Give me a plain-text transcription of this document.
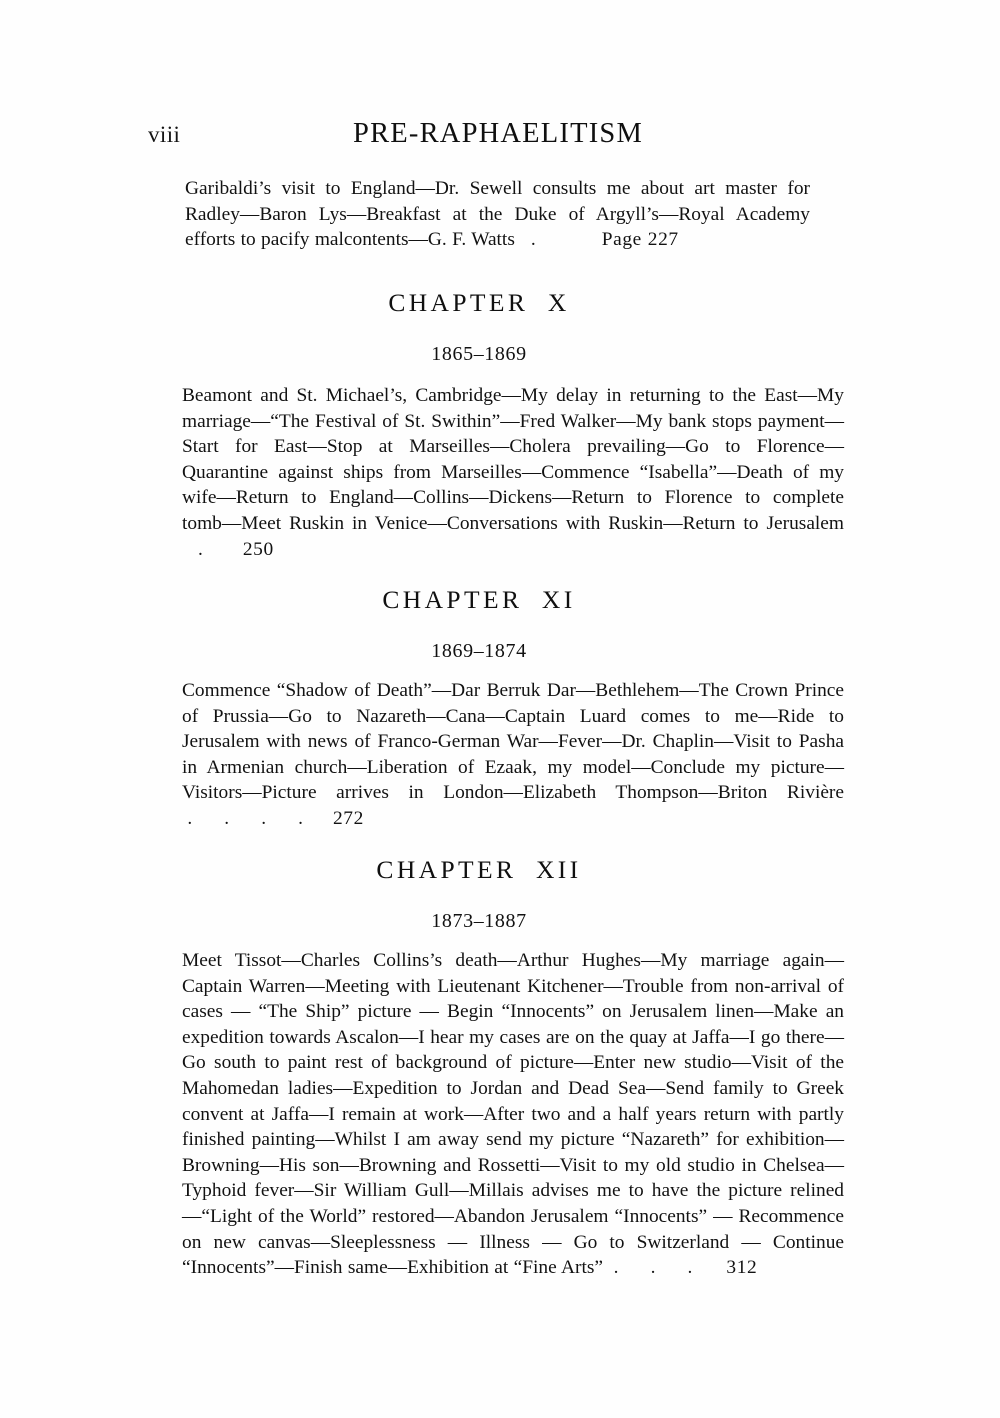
viii	PRE-RAPHAELITISM

Garibaldi’s visit to England—Dr. Sewell consults me about art master for Radley—Baron Lys—Breakfast at the Duke of Argyll’s—Royal Academy efforts to pacify malcontents—G. F. Watts   .	Page 227

CHAPTER  X
1865–1869

Beamont and St. Michael’s, Cambridge—My delay in returning to the East—My marriage—“The Festival of St. Swithin”—Fred Walker—My bank stops payment—Start for East—Stop at Marseilles—Cholera prevailing—Go to Florence—Quarantine against ships from Marseilles—Commence “Isabella”—Death of my wife—Return to England—Collins—Dickens—Return to Florence to complete tomb—Meet Ruskin in Venice—Conversations with Ruskin—Return to Jerusalem   . 250

CHAPTER  XI
1869–1874

Commence “Shadow of Death”—Dar Berruk Dar—Bethlehem—The Crown Prince of Prussia—Go to Nazareth—Cana—Captain Luard comes to me—Ride to Jerusalem with news of Franco-German War—Fever—Dr. Chaplin—Visit to Pasha in Armenian church—Liberation of Ezaak, my model—Conclude my picture—Visitors—Picture arrives in London—Elizabeth Thompson—Briton Rivière .      .      .      . 272

CHAPTER  XII
1873–1887

Meet Tissot—Charles Collins’s death—Arthur Hughes—My marriage again—Captain Warren—Meeting with Lieutenant Kitchener—Trouble from non-arrival of cases — “The Ship” picture — Begin “Innocents” on Jerusalem linen—Make an expedition towards Ascalon—I hear my cases are on the quay at Jaffa—I go there—Go south to paint rest of background of picture—Enter new studio—Visit of the Mahomedan ladies—Expedition to Jordan and Dead Sea—Send family to Greek convent at Jaffa—I remain at work—After two and a half years return with partly finished painting—Whilst I am away send my picture “Nazareth” for exhibition—Browning—His son—Browning and Rossetti—Visit to my old studio in Chelsea—Typhoid fever—Sir William Gull—Millais advises me to have the picture relined—“Light of the World” restored—Abandon Jerusalem “Innocents” — Recommence on new canvas—Sleeplessness — Illness — Go to Switzerland — Continue “Innocents”—Finish same—Exhibition at “Fine Arts”  .      .      . 312
